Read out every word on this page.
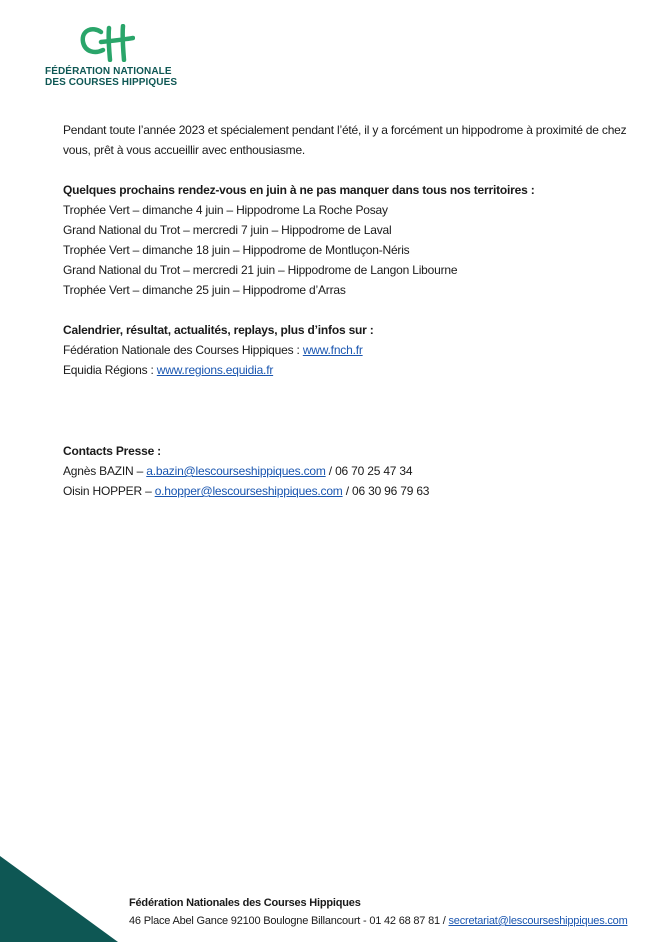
FÉDÉRATION NATIONALE
DES COURSES HIPPIQUES

Pendant toute l’année 2023 et spécialement pendant l’été, il y a forcément un hippodrome à proximité de chez

vous, prêt à vous accueillir avec enthousiasme.

Quelques prochains rendez-vous en juin à ne pas manquer dans tous nos territoires :

Trophée Vert – dimanche 4 juin – Hippodrome La Roche Posay

Grand National du Trot – mercredi 7 juin – Hippodrome de Laval

Trophée Vert – dimanche 18 juin – Hippodrome de Montluçon-Néris

Grand National du Trot – mercredi 21 juin – Hippodrome de Langon Libourne

Trophée Vert – dimanche 25 juin – Hippodrome d’Arras

Calendrier, résultat, actualités, replays, plus d’infos sur :

Fédération Nationale des Courses Hippiques : www.fnch.fr

Equidia Régions : www.regions.equidia.fr

Contacts Presse :

Agnès BAZIN – a.bazin@lescourseshippiques.com / 06 70 25 47 34

Oisin HOPPER – o.hopper@lescourseshippiques.com / 06 30 96 79 63

Fédération Nationales des Courses Hippiques

46 Place Abel Gance 92100 Boulogne Billancourt - 01 42 68 87 81 / secretariat@lescourseshippiques.com
